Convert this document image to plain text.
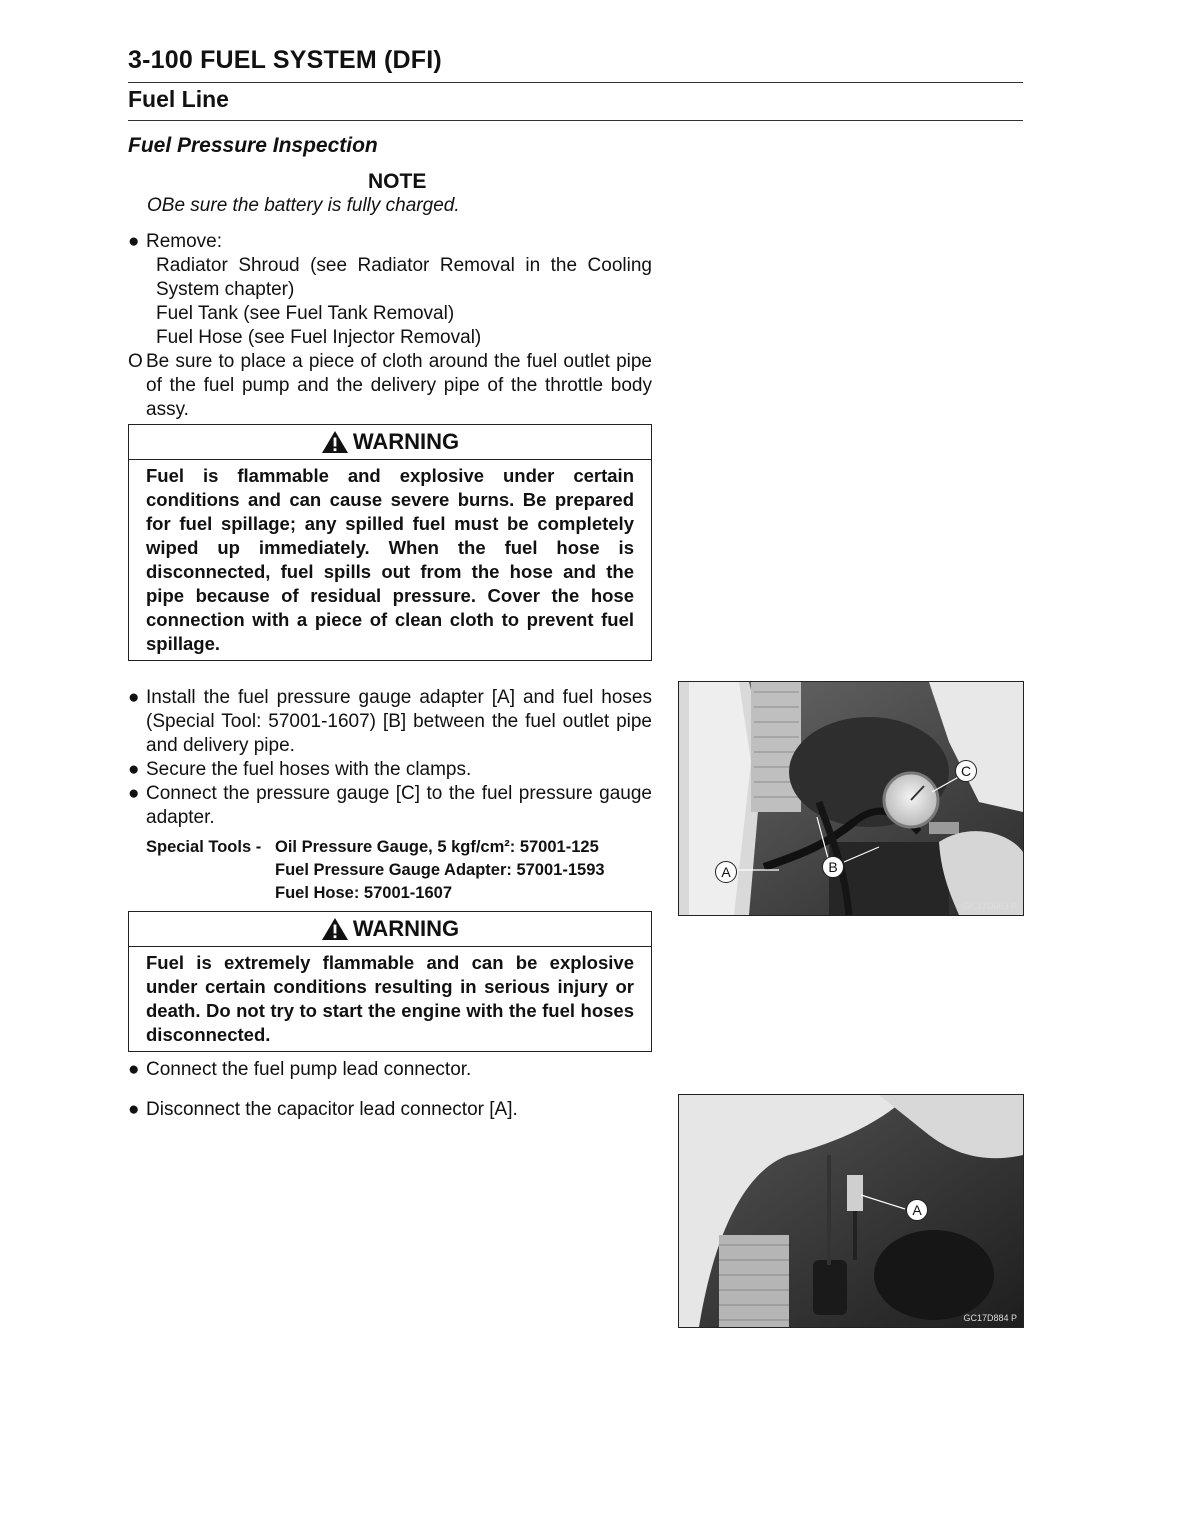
3-100 FUEL SYSTEM (DFI)
Fuel Line
Fuel Pressure Inspection
NOTE
OBe sure the battery is fully charged.
● Remove:
Radiator Shroud (see Radiator Removal in the Cooling System chapter)
Fuel Tank (see Fuel Tank Removal)
Fuel Hose (see Fuel Injector Removal)
O Be sure to place a piece of cloth around the fuel outlet pipe of the fuel pump and the delivery pipe of the throttle body assy.
WARNING
Fuel is flammable and explosive under certain conditions and can cause severe burns. Be prepared for fuel spillage; any spilled fuel must be completely wiped up immediately. When the fuel hose is disconnected, fuel spills out from the hose and the pipe because of residual pressure. Cover the hose connection with a piece of clean cloth to prevent fuel spillage.
● Install the fuel pressure gauge adapter [A] and fuel hoses (Special Tool: 57001-1607) [B] between the fuel outlet pipe and delivery pipe.
● Secure the fuel hoses with the clamps.
● Connect the pressure gauge [C] to the fuel pressure gauge adapter.
Special Tools - Oil Pressure Gauge, 5 kgf/cm²: 57001-125
Fuel Pressure Gauge Adapter: 57001-1593
Fuel Hose: 57001-1607
WARNING
Fuel is extremely flammable and can be explosive under certain conditions resulting in serious injury or death. Do not try to start the engine with the fuel hoses disconnected.
● Connect the fuel pump lead connector.
● Disconnect the capacitor lead connector [A].
C
A	B
GC17D663 P
A
GC17D884 P
